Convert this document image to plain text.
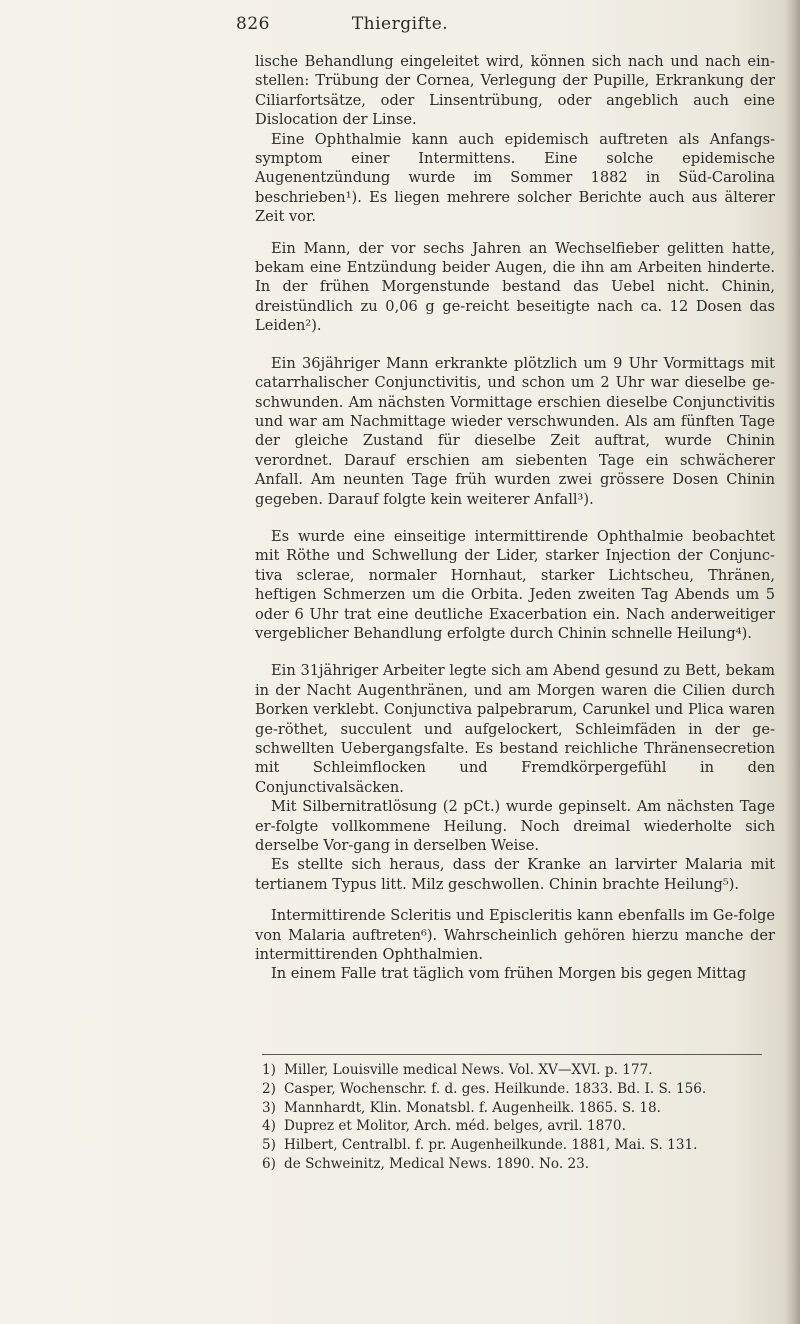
826	Thiergifte.

lische Behandlung eingeleitet wird, können sich nach und nach ein-stellen: Trübung der Cornea, Verlegung der Pupille, Erkrankung der Ciliarfortsätze, oder Linsentrübung, oder angeblich auch eine Dislocation der Linse.

Eine Ophthalmie kann auch epidemisch auftreten als Anfangs-symptom einer Intermittens. Eine solche epidemische Augenentzündung wurde im Sommer 1882 in Süd-Carolina beschrieben¹). Es liegen mehrere solcher Berichte auch aus älterer Zeit vor.

Ein Mann, der vor sechs Jahren an Wechselfieber gelitten hatte, bekam eine Entzündung beider Augen, die ihn am Arbeiten hinderte. In der frühen Morgenstunde bestand das Uebel nicht. Chinin, dreistündlich zu 0,06 g ge-reicht beseitigte nach ca. 12 Dosen das Leiden²).

Ein 36jähriger Mann erkrankte plötzlich um 9 Uhr Vormittags mit catarrhalischer Conjunctivitis, und schon um 2 Uhr war dieselbe ge-schwunden. Am nächsten Vormittage erschien dieselbe Conjunctivitis und war am Nachmittage wieder verschwunden. Als am fünften Tage der gleiche Zustand für dieselbe Zeit auftrat, wurde Chinin verordnet. Darauf erschien am siebenten Tage ein schwächerer Anfall. Am neunten Tage früh wurden zwei grössere Dosen Chinin gegeben. Darauf folgte kein weiterer Anfall³).

Es wurde eine einseitige intermittirende Ophthalmie beobachtet mit Röthe und Schwellung der Lider, starker Injection der Conjunc-tiva sclerae, normaler Hornhaut, starker Lichtscheu, Thränen, heftigen Schmerzen um die Orbita. Jeden zweiten Tag Abends um 5 oder 6 Uhr trat eine deutliche Exacerbation ein. Nach anderweitiger vergeblicher Behandlung erfolgte durch Chinin schnelle Heilung⁴).

Ein 31jähriger Arbeiter legte sich am Abend gesund zu Bett, bekam in der Nacht Augenthränen, und am Morgen waren die Cilien durch Borken verklebt. Conjunctiva palpebrarum, Carunkel und Plica waren ge-röthet, succulent und aufgelockert, Schleimfäden in der ge-schwellten Uebergangsfalte. Es bestand reichliche Thränensecretion mit Schleimflocken und Fremdkörpergefühl in den Conjunctivalsäcken.

Mit Silbernitratlösung (2 pCt.) wurde gepinselt. Am nächsten Tage er-folgte vollkommene Heilung. Noch dreimal wiederholte sich derselbe Vor-gang in derselben Weise.

Es stellte sich heraus, dass der Kranke an larvirter Malaria mit tertianem Typus litt. Milz geschwollen. Chinin brachte Heilung⁵).

Intermittirende Scleritis und Episcleritis kann ebenfalls im Ge-folge von Malaria auftreten⁶). Wahrscheinlich gehören hierzu manche der intermittirenden Ophthalmien.

In einem Falle trat täglich vom frühen Morgen bis gegen Mittag

1) Miller, Louisville medical News. Vol. XV—XVI. p. 177.
2) Casper, Wochenschr. f. d. ges. Heilkunde. 1833. Bd. I. S. 156.
3) Mannhardt, Klin. Monatsbl. f. Augenheilk. 1865. S. 18.
4) Duprez et Molitor, Arch. méd. belges, avril. 1870.
5) Hilbert, Centralbl. f. pr. Augenheilkunde. 1881, Mai. S. 131.
6) de Schweinitz, Medical News. 1890. No. 23.
